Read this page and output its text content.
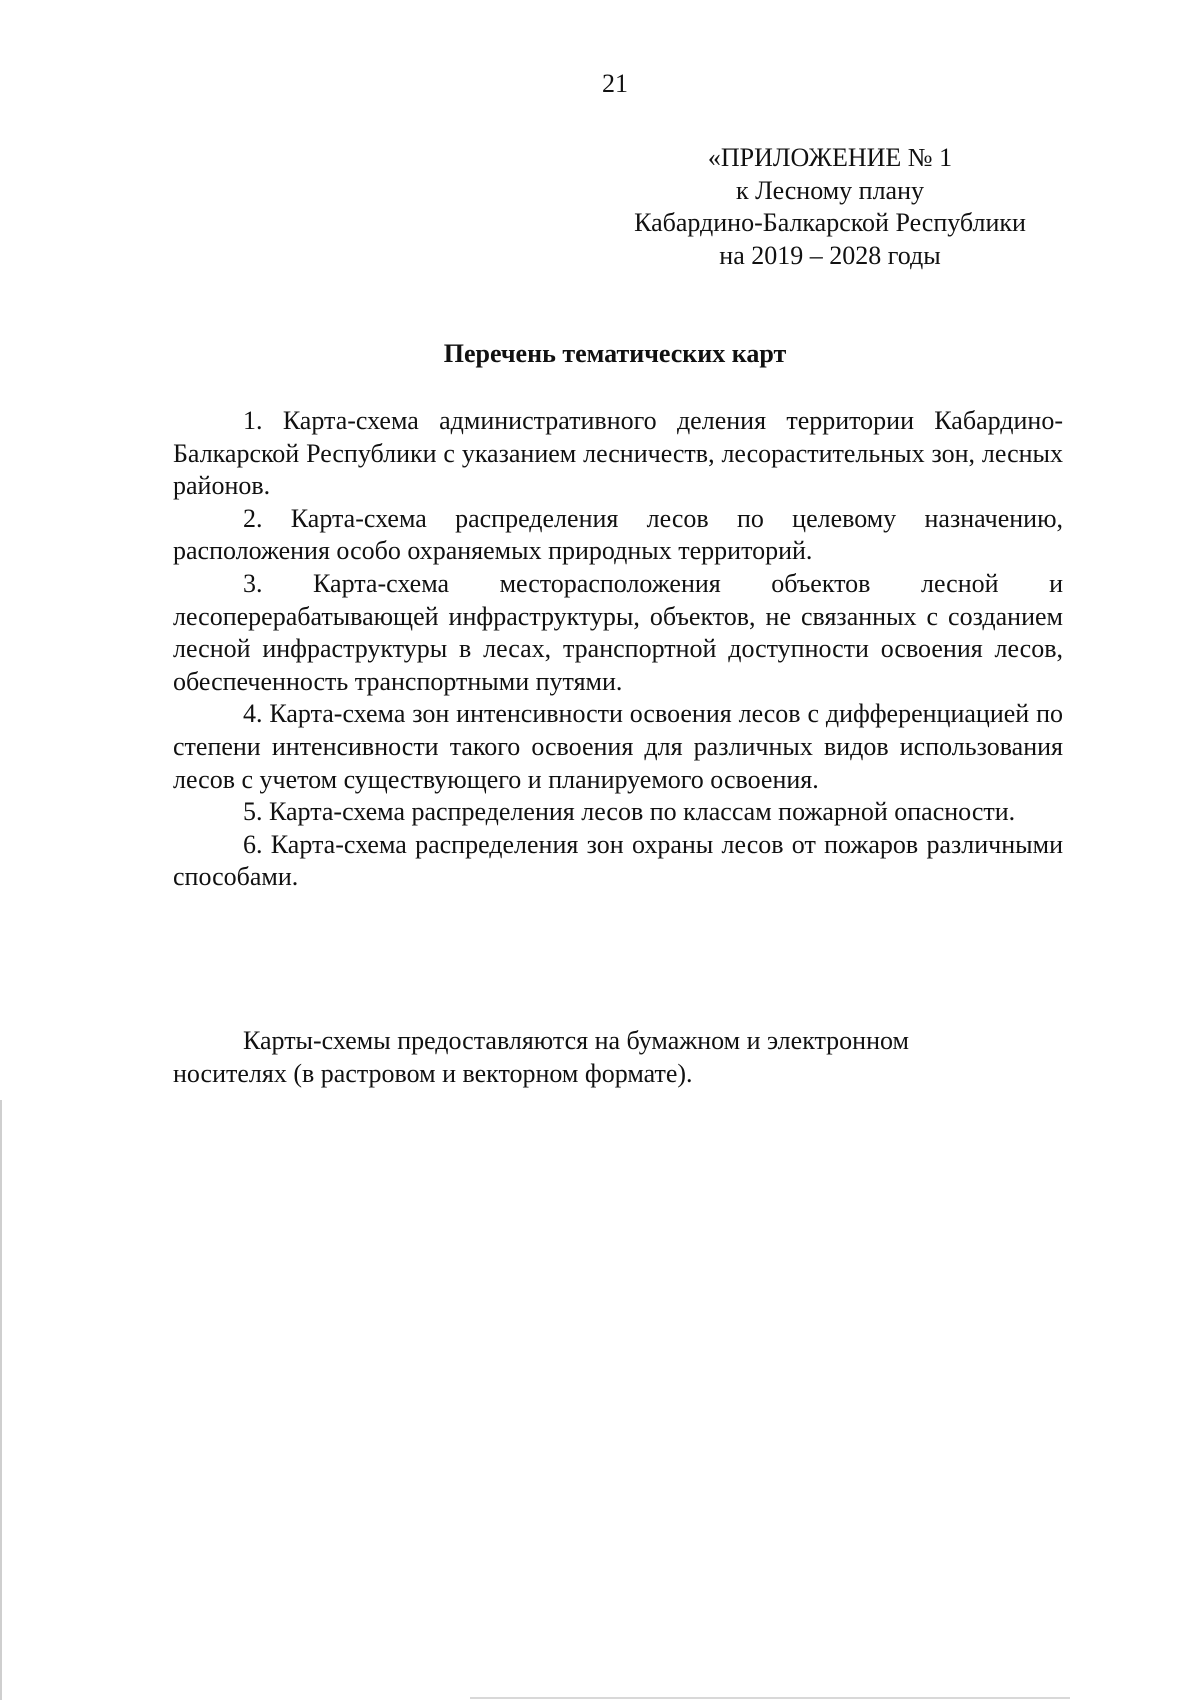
21
«ПРИЛОЖЕНИЕ № 1
к Лесному плану
Кабардино-Балкарской Республики
на 2019 – 2028 годы
Перечень тематических карт

1. Карта-схема административного деления территории Кабардино-Балкарской Республики с указанием лесничеств, лесорастительных зон, лесных районов.

2. Карта-схема распределения лесов по целевому назначению, расположения особо охраняемых природных территорий.

3. Карта-схема месторасположения объектов лесной и лесоперерабатывающей инфраструктуры, объектов, не связанных с созданием лесной инфраструктуры в лесах, транспортной доступности освоения лесов, обеспеченность транспортными путями.

4. Карта-схема зон интенсивности освоения лесов с дифференциацией по степени интенсивности такого освоения для различных видов использования лесов с учетом существующего и планируемого освоения.

5. Карта-схема распределения лесов по классам пожарной опасности.

6. Карта-схема распределения зон охраны лесов от пожаров различными способами.

Карты-схемы предоставляются на бумажном и электронном
носителях (в растровом и векторном формате).
